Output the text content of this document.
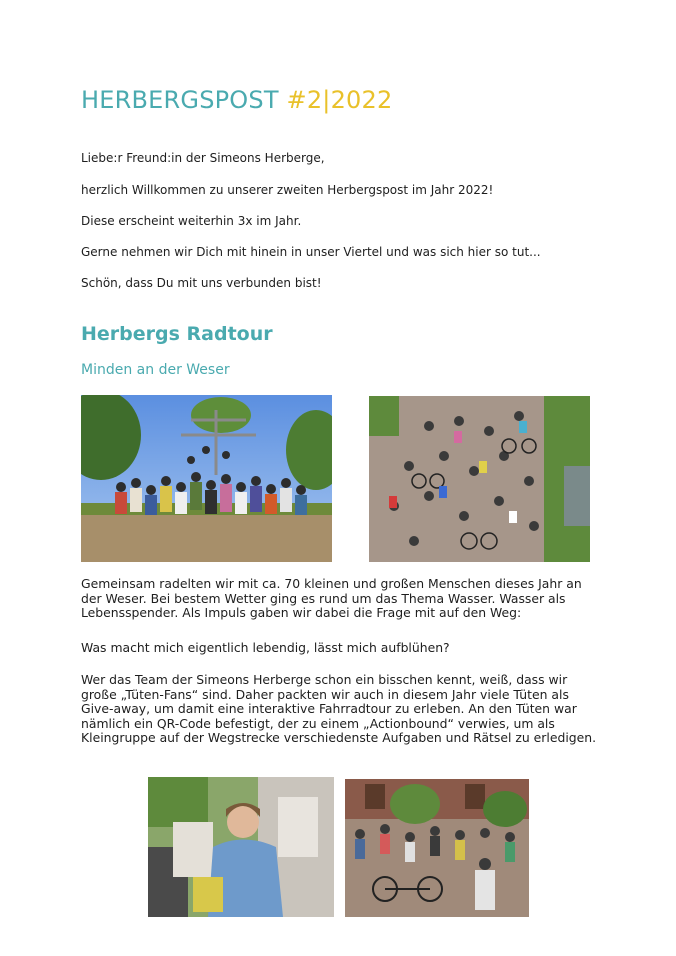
HERBERGSPOST #2|2022
Liebe:r Freund:in der Simeons Herberge,
herzlich Willkommen zu unserer zweiten Herbergspost im Jahr 2022!
Diese erscheint weiterhin 3x im Jahr.
Gerne nehmen wir Dich mit hinein in unser Viertel und was sich hier so tut...
Schön, dass Du mit uns verbunden bist!
Herbergs Radtour
Minden an der Weser
Gemeinsam radelten wir mit ca. 70 kleinen und großen Menschen dieses Jahr an der Weser. Bei bestem Wetter ging es rund um das Thema Wasser. Wasser als Lebensspender. Als Impuls gaben wir dabei die Frage mit auf den Weg:
Was macht mich eigentlich lebendig, lässt mich aufblühen?
Wer das Team der Simeons Herberge schon ein bisschen kennt, weiß, dass wir große „Tüten-Fans“ sind. Daher packten wir auch in diesem Jahr viele Tüten als Give-away, um damit eine interaktive Fahrradtour zu erleben. An den Tüten war nämlich ein QR-Code befestigt, der zu einem „Actionbound“ verwies, um als Kleingruppe auf der Wegstrecke verschiedenste Aufgaben und Rätsel zu erledigen.
